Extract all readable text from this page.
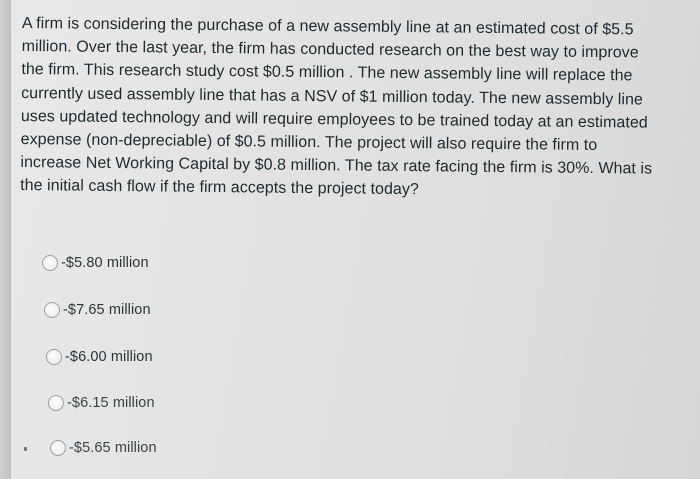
A firm is considering the purchase of a new assembly line at an estimated cost of $5.5 million. Over the last year, the firm has conducted research on the best way to improve the firm. This research study cost $0.5 million . The new assembly line will replace the currently used assembly line that has a NSV of $1 million today. The new assembly line uses updated technology and will require employees to be trained today at an estimated expense (non-depreciable) of $0.5 million. The project will also require the firm to increase Net Working Capital by $0.8 million. The tax rate facing the firm is 30%. What is the initial cash flow if the firm accepts the project today?
-$5.80 million
-$7.65 million
-$6.00 million
-$6.15 million
-$5.65 million
